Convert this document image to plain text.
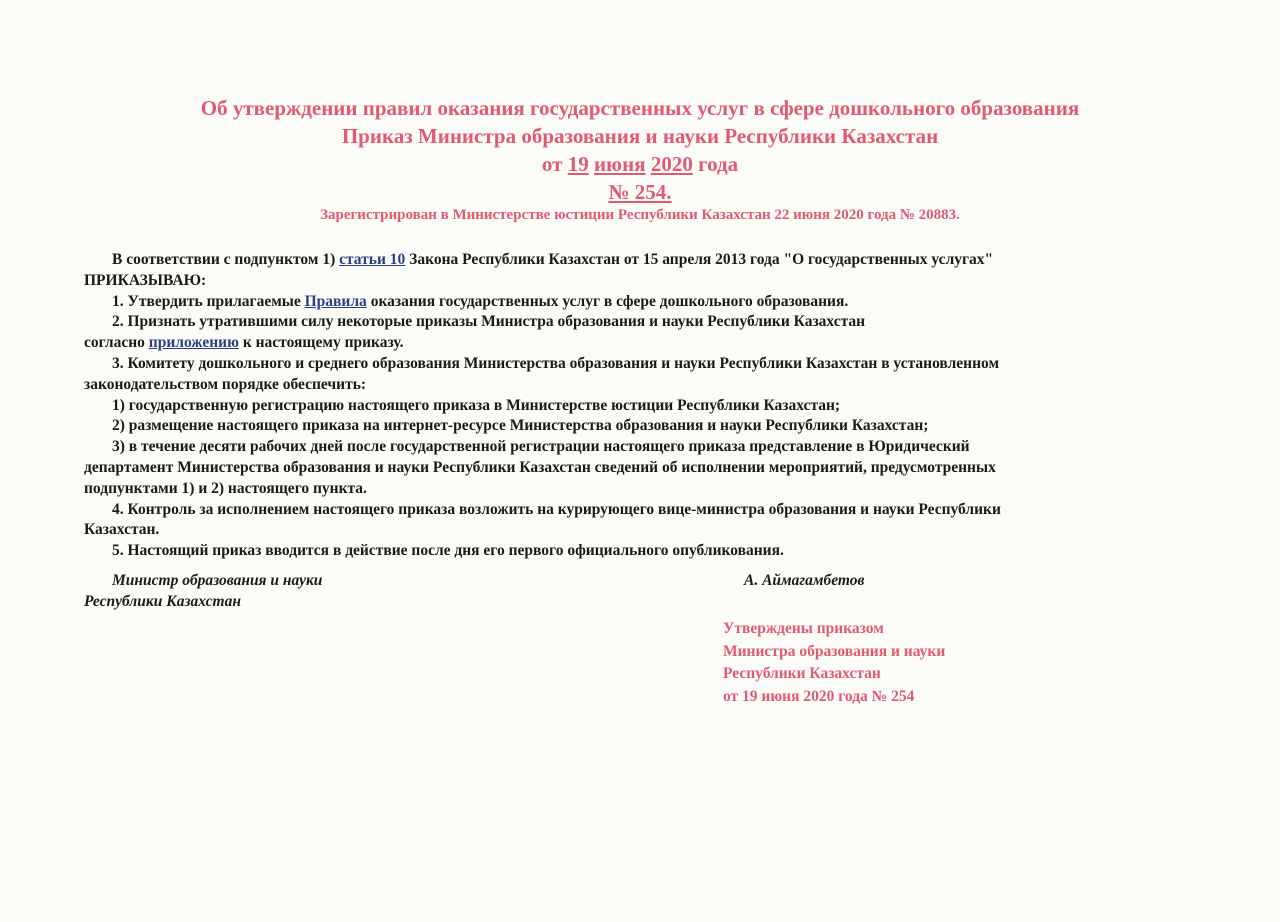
Об утверждении правил оказания государственных услуг в сфере дошкольного образования
Приказ Министра образования и науки Республики Казахстан
от 19 июня 2020 года
№ 254.
Зарегистрирован в Министерстве юстиции Республики Казахстан 22 июня 2020 года № 20883.
В соответствии с подпунктом 1) статьи 10 Закона Республики Казахстан от 15 апреля 2013 года "О государственных услугах"
ПРИКАЗЫВАЮ:
1. Утвердить прилагаемые Правила оказания государственных услуг в сфере дошкольного образования.
2. Признать утратившими силу некоторые приказы Министра образования и науки Республики Казахстан
согласно приложению к настоящему приказу.
3. Комитету дошкольного и среднего образования Министерства образования и науки Республики Казахстан в установленном
законодательством порядке обеспечить:
1) государственную регистрацию настоящего приказа в Министерстве юстиции Республики Казахстан;
2) размещение настоящего приказа на интернет-ресурсе Министерства образования и науки Республики Казахстан;
3) в течение десяти рабочих дней после государственной регистрации настоящего приказа представление в Юридический
департамент Министерства образования и науки Республики Казахстан сведений об исполнении мероприятий, предусмотренных
подпунктами 1) и 2) настоящего пункта.
4. Контроль за исполнением настоящего приказа возложить на курирующего вице-министра образования и науки Республики
Казахстан.
5. Настоящий приказ вводится в действие после дня его первого официального опубликования.
Министр образования и науки
Республики Казахстан
А. Аймагамбетов
Утверждены приказом
Министра образования и науки
Республики Казахстан
от 19 июня 2020 года № 254
